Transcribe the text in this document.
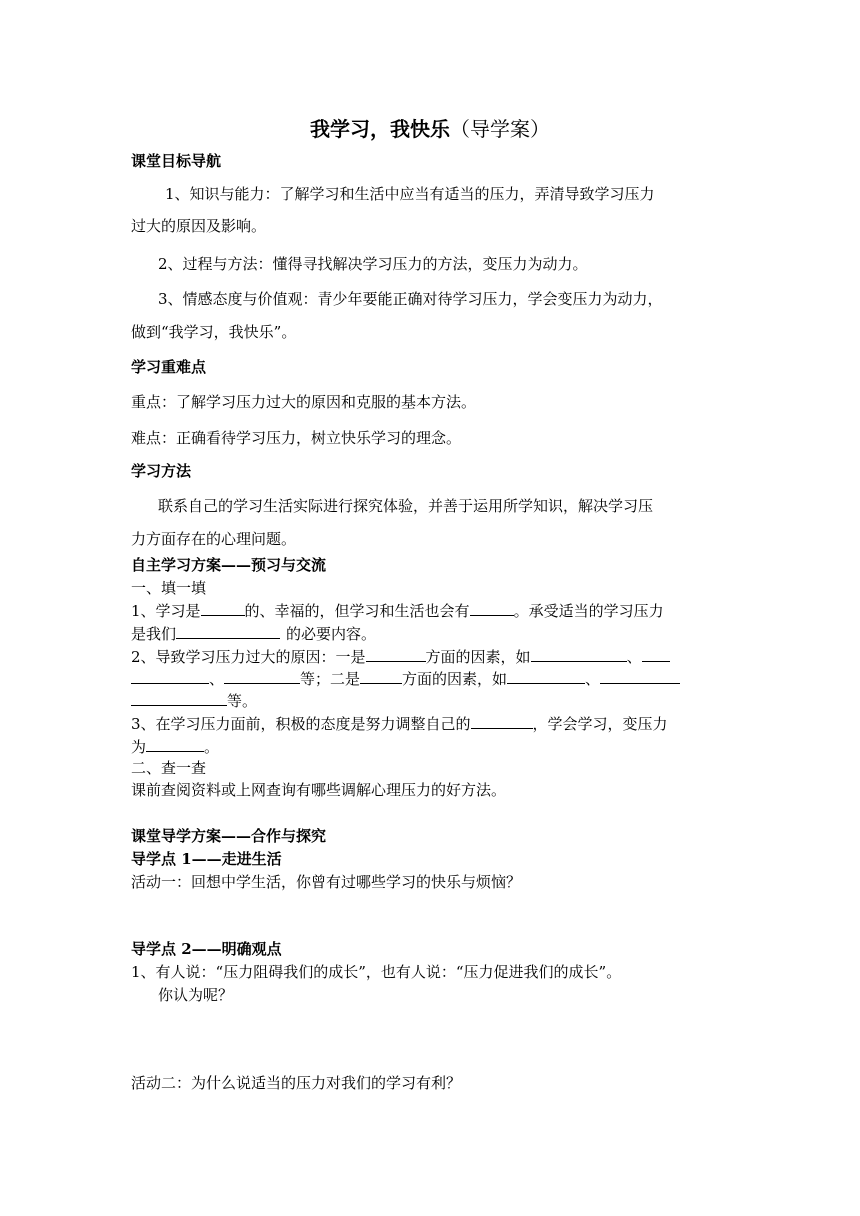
我学习，我快乐（导学案）
课堂目标导航
1、知识与能力：了解学习和生活中应当有适当的压力，弄清导致学习压力
过大的原因及影响。
2、过程与方法：懂得寻找解决学习压力的方法，变压力为动力。
3、情感态度与价值观：青少年要能正确对待学习压力，学会变压力为动力，
做到“我学习，我快乐”。
学习重难点
重点：了解学习压力过大的原因和克服的基本方法。
难点：正确看待学习压力，树立快乐学习的理念。
学习方法
联系自己的学习生活实际进行探究体验，并善于运用所学知识，解决学习压
力方面存在的心理问题。
自主学习方案——预习与交流
一、填一填
1、学习是	的、幸福的，但学习和生活也会有	。承受适当的学习压力
是我们	的必要内容。
2、导致学习压力过大的原因：一是	方面的因素，如	、
、	等；二是	方面的因素，如	、
等。
3、在学习压力面前，积极的态度是努力调整自己的	，学会学习，变压力
为	。
二、查一查
课前查阅资料或上网查询有哪些调解心理压力的好方法。
课堂导学方案——合作与探究
导学点 1——走进生活
活动一：回想中学生活，你曾有过哪些学习的快乐与烦恼？
导学点 2——明确观点
1、有人说：“压力阻碍我们的成长”，也有人说：“压力促进我们的成长”。
你认为呢？
活动二：为什么说适当的压力对我们的学习有利？
